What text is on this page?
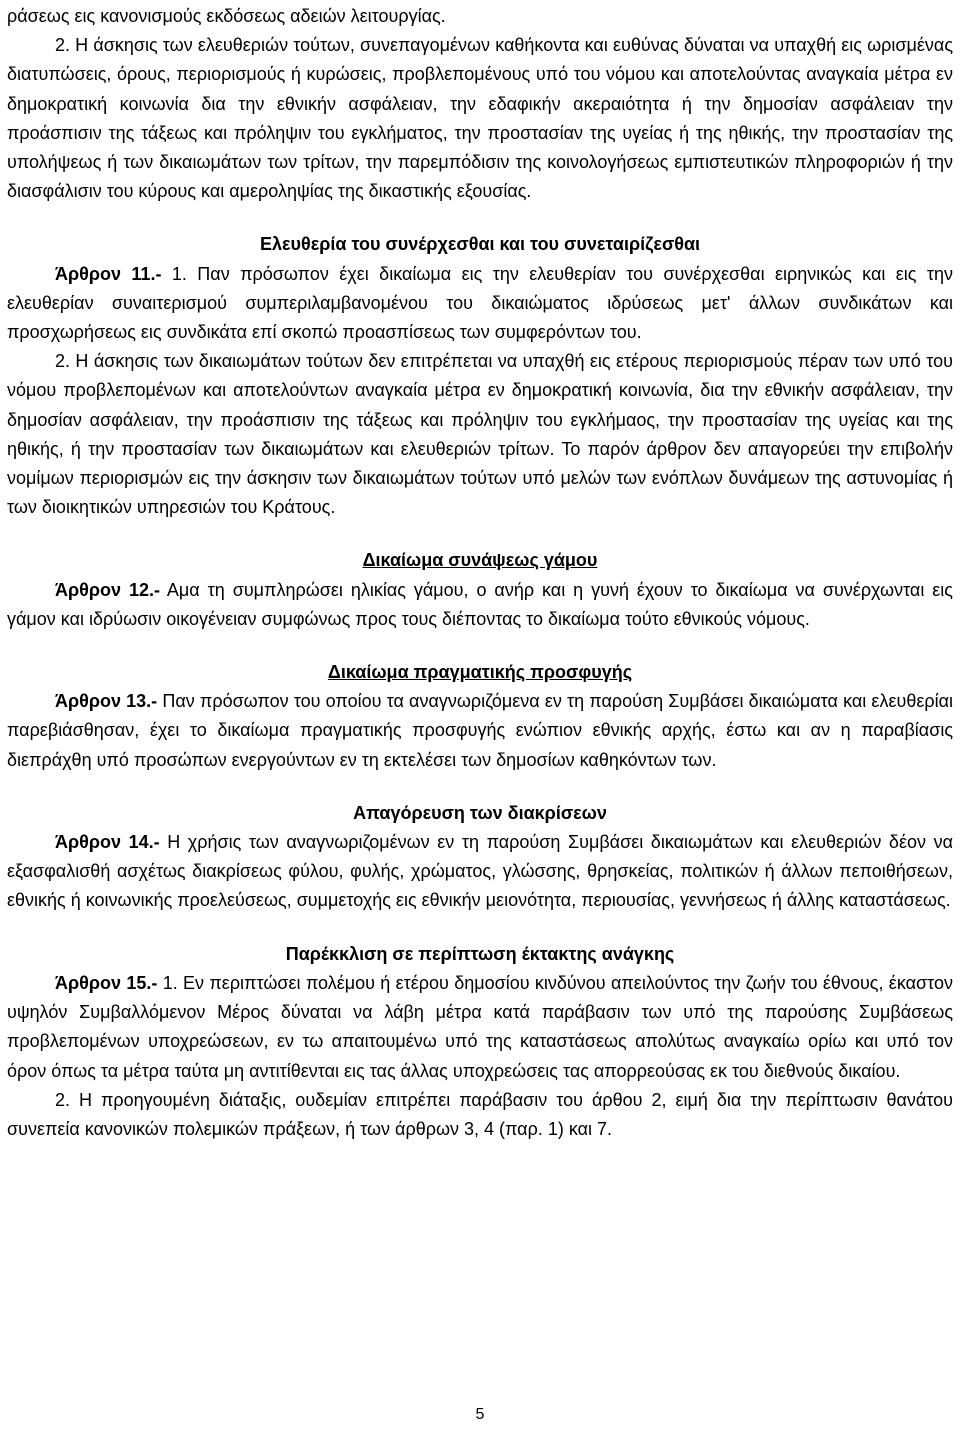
ράσεως εις κανονισμούς εκδόσεως αδειών λειτουργίας.

2. Η άσκησις των ελευθεριών τούτων, συνεπαγομένων καθήκοντα και ευθύνας δύναται να υπαχθή εις ωρισμένας διατυπώσεις, όρους, περιορισμούς ή κυρώσεις, προβλεπομένους υπό του νόμου και αποτελούντας αναγκαία μέτρα εν δημοκρατική κοινωνία δια την εθνικήν ασφάλειαν, την εδαφικήν ακεραιότητα ή την δημοσίαν ασφάλειαν την προάσπισιν της τάξεως και πρόληψιν του εγκλήματος, την προστασίαν της υγείας ή της ηθικής, την προστασίαν της υπολήψεως ή των δικαιωμάτων των τρίτων, την παρεμπόδισιν της κοινολογήσεως εμπιστευτικών πληροφοριών ή την διασφάλισιν του κύρους και αμεροληψίας της δικαστικής εξουσίας.

Ελευθερία του συνέρχεσθαι και του συνεταιρίζεσθαι

Άρθρον 11.- 1. Παν πρόσωπον έχει δικαίωμα εις την ελευθερίαν του συνέρχεσθαι ειρηνικώς και εις την ελευθερίαν συναιτερισμού συμπεριλαμβανομένου του δικαιώματος ιδρύσεως μετ' άλλων συνδικάτων και προσχωρήσεως εις συνδικάτα επί σκοπώ προασπίσεως των συμφερόντων του.

2. Η άσκησις των δικαιωμάτων τούτων δεν επιτρέπεται να υπαχθή εις ετέρους περιορισμούς πέραν των υπό του νόμου προβλεπομένων και αποτελούντων αναγκαία μέτρα εν δημοκρατική κοινωνία, δια την εθνικήν ασφάλειαν, την δημοσίαν ασφάλειαν, την προάσπισιν της τάξεως και πρόληψιν του εγκλήμαος, την προστασίαν της υγείας και της ηθικής, ή την προστασίαν των δικαιωμάτων και ελευθεριών τρίτων. Το παρόν άρθρον δεν απαγορεύει την επιβολήν νομίμων περιορισμών εις την άσκησιν των δικαιωμάτων τούτων υπό μελών των ενόπλων δυνάμεων της αστυνομίας ή των διοικητικών υπηρεσιών του Κράτους.

Δικαίωμα συνάψεως γάμου

Άρθρον 12.- Αμα τη συμπληρώσει ηλικίας γάμου, ο ανήρ και η γυνή έχουν το δικαίωμα να συνέρχωνται εις γάμον και ιδρύωσιν οικογένειαν συμφώνως προς τους διέποντας το δικαίωμα τούτο εθνικούς νόμους.

Δικαίωμα πραγματικής προσφυγής

Άρθρον 13.- Παν πρόσωπον του οποίου τα αναγνωριζόμενα εν τη παρούση Συμβάσει δικαιώματα και ελευθερίαι παρεβιάσθησαν, έχει το δικαίωμα πραγματικής προσφυγής ενώπιον εθνικής αρχής, έστω και αν η παραβίασις διεπράχθη υπό προσώπων ενεργούντων εν τη εκτελέσει των δημοσίων καθηκόντων των.

Απαγόρευση των διακρίσεων

Άρθρον 14.- Η χρήσις των αναγνωριζομένων εν τη παρούση Συμβάσει δικαιωμάτων και ελευθεριών δέον να εξασφαλισθή ασχέτως διακρίσεως φύλου, φυλής, χρώματος, γλώσσης, θρησκείας, πολιτικών ή άλλων πεποιθήσεων, εθνικής ή κοινωνικής προελεύσεως, συμμετοχής εις εθνικήν μειονότητα, περιουσίας, γεννήσεως ή άλλης καταστάσεως.

Παρέκκλιση σε περίπτωση έκτακτης ανάγκης

Άρθρον 15.- 1. Εν περιπτώσει πολέμου ή ετέρου δημοσίου κινδύνου απειλούντος την ζωήν του έθνους, έκαστον υψηλόν Συμβαλλόμενον Μέρος δύναται να λάβη μέτρα κατά παράβασιν των υπό της παρούσης Συμβάσεως προβλεπομένων υποχρεώσεων, εν τω απαιτουμένω υπό της καταστάσεως απολύτως αναγκαίω ορίω και υπό τον όρον όπως τα μέτρα ταύτα μη αντιτίθενται εις τας άλλας υποχρεώσεις τας απορρεούσας εκ του διεθνούς δικαίου.

2. Η προηγουμένη διάταξις, ουδεμίαν επιτρέπει παράβασιν του άρθου 2, ειμή δια την περίπτωσιν θανάτου συνεπεία κανονικών πολεμικών πράξεων, ή των άρθρων 3, 4 (παρ. 1) και 7.

5
